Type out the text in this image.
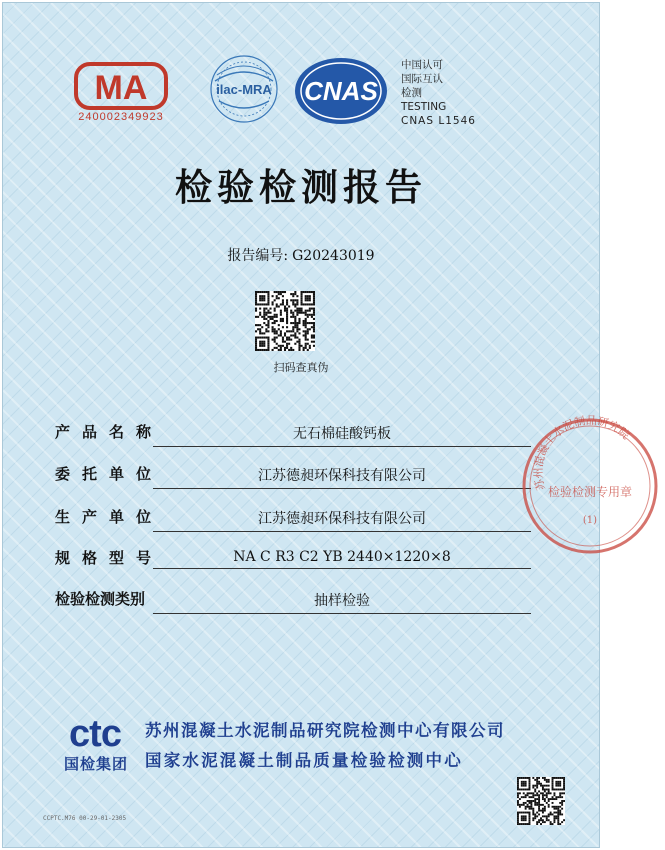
MA
240002349923
ilac-MRA CNAS
中国认可
国际互认
检测
TESTING
CNAS L1546
检验检测报告
报告编号: G20243019
扫码查真伪
产品名称	无石棉硅酸钙板
委托单位	江苏德昶环保科技有限公司
生产单位	江苏德昶环保科技有限公司
规格型号	NA C R3 C2 YB 2440×1220×8
检验检测类别	抽样检验
苏州混凝土水泥制品研究院
检验检测专用章
(1)
ctc
国检集团
苏州混凝土水泥制品研究院检测中心有限公司
国家水泥混凝土制品质量检验检测中心
CCPTC.M76 00-29-01-2305
